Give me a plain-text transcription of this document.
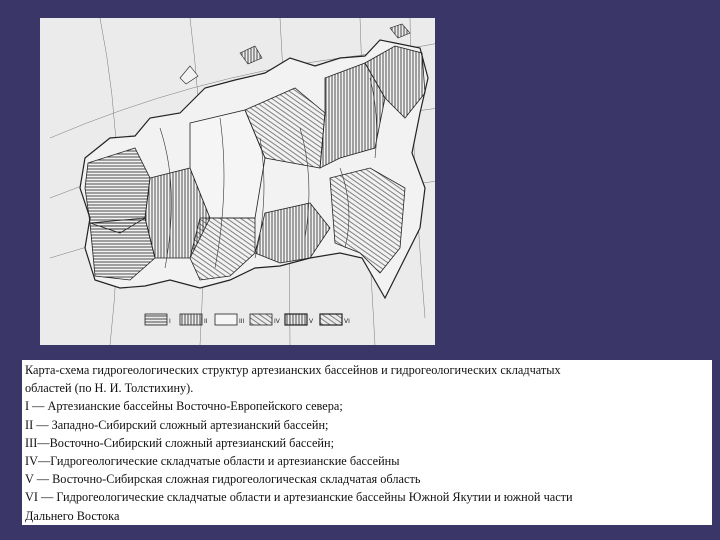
I	II	III	IV	V	VI
Карта-схема гидрогеологических структур артезианских бассейнов и гидрогеологических складчатых
областей (по Н. И. Толстихину).
I — Артезианские бассейны Восточно-Европейского севера;
II — Западно-Сибирский сложный артезианский бассейн;
III—Восточно-Сибирский сложный артезианский бассейн;
IV—Гидрогеологические складчатые области и артезианские бассейны
V — Восточно-Сибирская сложная гидрогеологическая складчатая область
VI — Гидрогеологические складчатые области и артезианские бассейны Южной Якутии и южной части
Дальнего Востока
